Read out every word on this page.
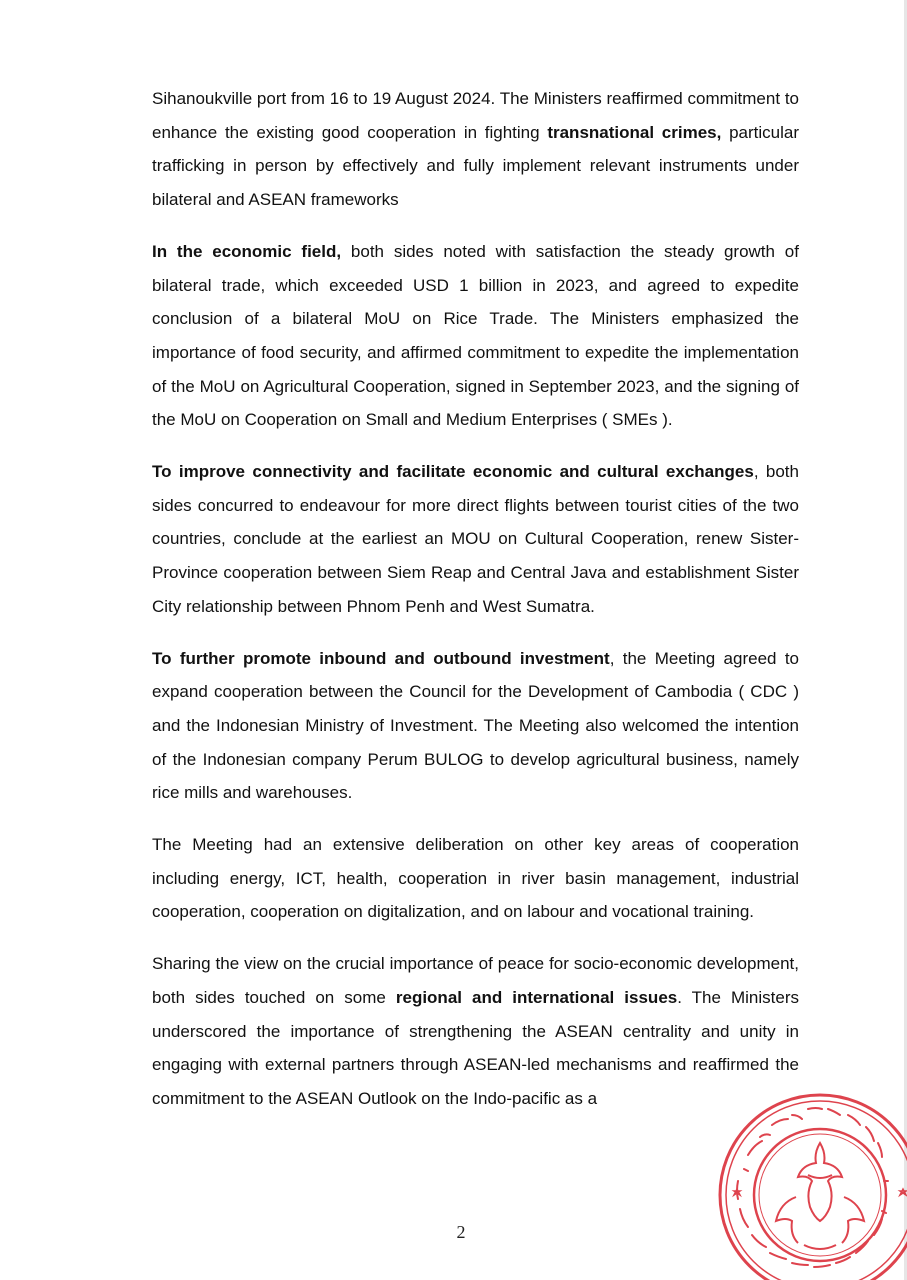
Sihanoukville port from 16 to 19 August 2024. The Ministers reaffirmed commitment to enhance the existing good cooperation in fighting transnational crimes, particular trafficking in person by effectively and fully implement relevant instruments under bilateral and ASEAN frameworks

In the economic field, both sides noted with satisfaction the steady growth of bilateral trade, which exceeded USD 1 billion in 2023, and agreed to expedite conclusion of a bilateral MoU on Rice Trade. The Ministers emphasized the importance of food security, and affirmed commitment to expedite the implementation of the MoU on Agricultural Cooperation, signed in September 2023, and the signing of the MoU on Cooperation on Small and Medium Enterprises ( SMEs ).

To improve connectivity and facilitate economic and cultural exchanges, both sides concurred to endeavour for more direct flights between tourist cities of the two countries, conclude at the earliest an MOU on Cultural Cooperation, renew Sister-Province cooperation between Siem Reap and Central Java and establishment Sister City relationship between Phnom Penh and West Sumatra.

To further promote inbound and outbound investment, the Meeting agreed to expand cooperation between the Council for the Development of Cambodia ( CDC ) and the Indonesian Ministry of Investment. The Meeting also welcomed the intention of the Indonesian company Perum BULOG to develop agricultural business, namely rice mills and warehouses.

The Meeting had an extensive deliberation on other key areas of cooperation including energy, ICT, health, cooperation in river basin management, industrial cooperation, cooperation on digitalization, and on labour and vocational training.

Sharing the view on the crucial importance of peace for socio-economic development, both sides touched on some regional and international issues. The Ministers underscored the importance of strengthening the ASEAN centrality and unity in engaging with external partners through ASEAN-led mechanisms and reaffirmed the commitment to the ASEAN Outlook on the Indo-pacific as a

2
